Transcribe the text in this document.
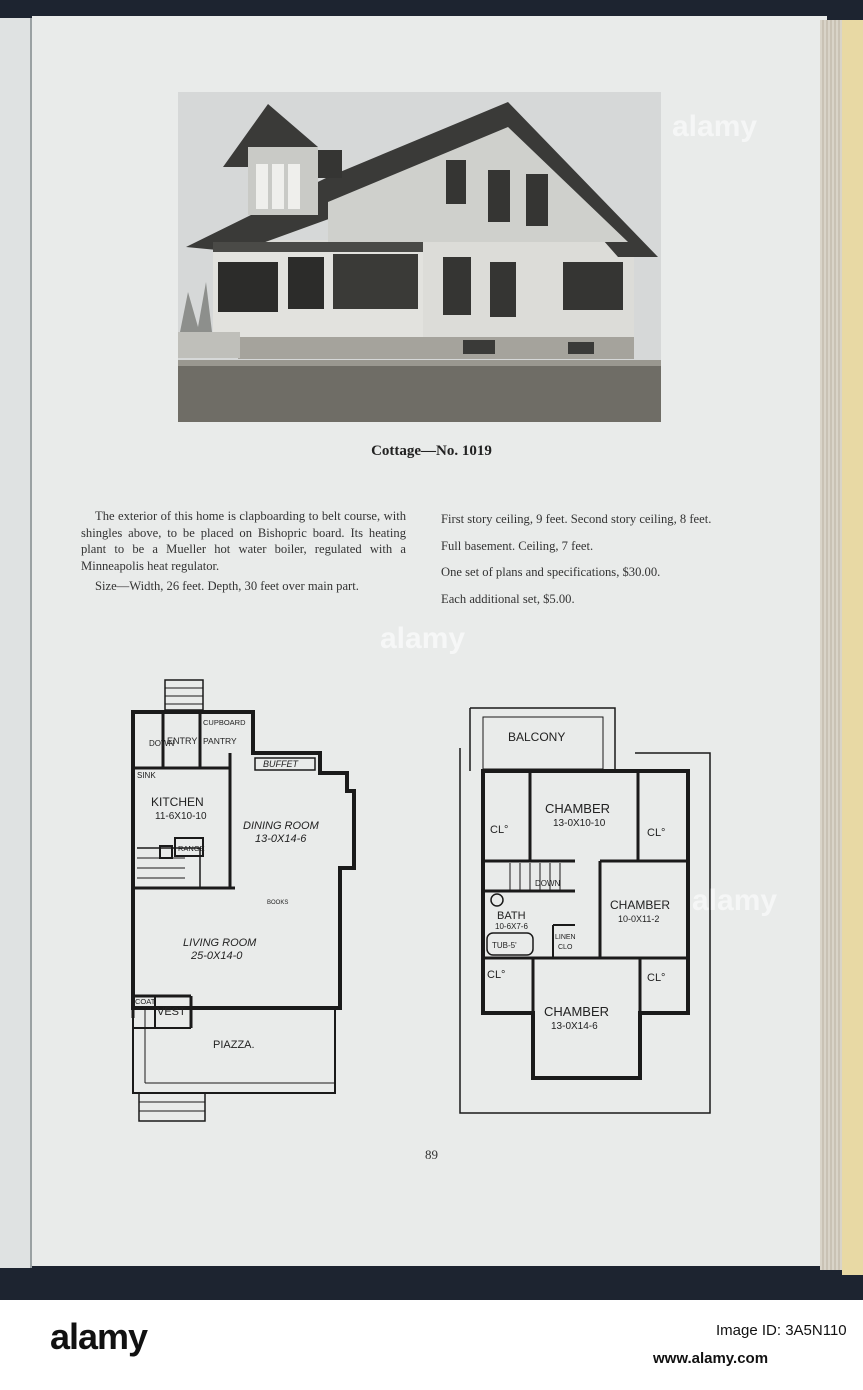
Cottage—No. 1019

The exterior of this home is clapboarding to belt course, with shingles above, to be placed on Bishopric board. Its heating plant to be a Mueller hot water boiler, regulated with a Minneapolis heat regulator.

Size—Width, 26 feet. Depth, 30 feet over main part.

First story ceiling, 9 feet. Second story ceiling, 8 feet.

Full basement. Ceiling, 7 feet.

One set of plans and specifications, $30.00.

Each additional set, $5.00.

DOWN
ENTRY
CUPBOARD
PANTRY
SINK
BUFFET
KITCHEN
11-6X10-10
DINING ROOM
13-0X14-6
RANGE
BOOKS
LIVING ROOM
25-0X14-0
COAT
VEST
PIAZZA.
BALCONY
CHAMBER
13-0X10-10
CL°	CL°
DOWN
BATH
10-6X7-6
TUB-5'
LINEN
CLO
CHAMBER
10-0X11-2
CL°	CL°
CHAMBER
13-0X14-6
89
alamy
alamy
alamy
alamy	Image ID: 3A5N110
www.alamy.com
